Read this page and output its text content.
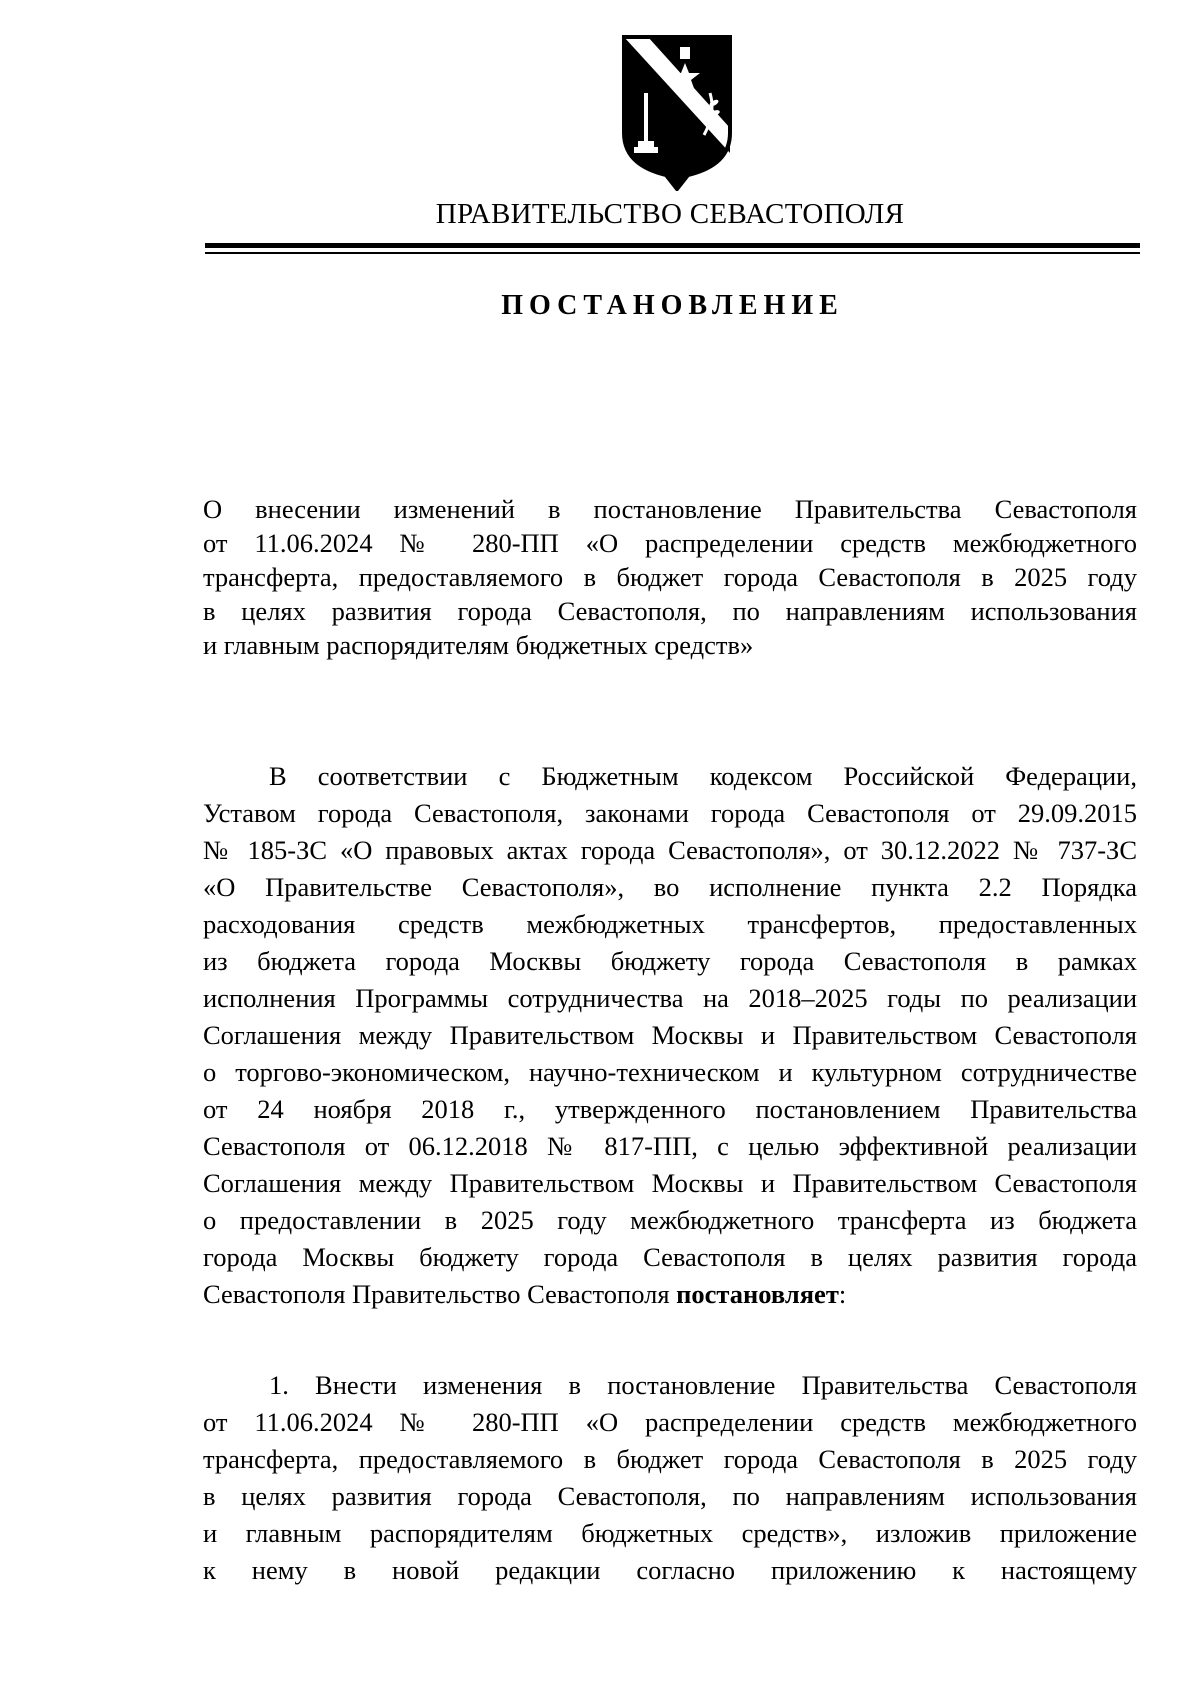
ПРАВИТЕЛЬСТВО СЕВАСТОПОЛЯ
ПОСТАНОВЛЕНИЕ
О внесении изменений в постановление Правительства Севастополя
от 11.06.2024 № 280-ПП «О распределении средств межбюджетного
трансферта, предоставляемого в бюджет города Севастополя в 2025 году
в целях развития города Севастополя, по направлениям использования
и главным распорядителям бюджетных средств»
В соответствии с Бюджетным кодексом Российской Федерации,
Уставом города Севастополя, законами города Севастополя от 29.09.2015
№ 185-ЗС «О правовых актах города Севастополя», от 30.12.2022 № 737-ЗС
«О Правительстве Севастополя», во исполнение пункта 2.2 Порядка
расходования средств межбюджетных трансфертов, предоставленных
из бюджета города Москвы бюджету города Севастополя в рамках
исполнения Программы сотрудничества на 2018–2025 годы по реализации
Соглашения между Правительством Москвы и Правительством Севастополя
о торгово-экономическом, научно-техническом и культурном сотрудничестве
от 24 ноября 2018 г., утвержденного постановлением Правительства
Севастополя от 06.12.2018 № 817-ПП, с целью эффективной реализации
Соглашения между Правительством Москвы и Правительством Севастополя
о предоставлении в 2025 году межбюджетного трансферта из бюджета
города Москвы бюджету города Севастополя в целях развития города
Севастополя Правительство Севастополя постановляет:
1. Внести изменения в постановление Правительства Севастополя
от 11.06.2024 № 280-ПП «О распределении средств межбюджетного
трансферта, предоставляемого в бюджет города Севастополя в 2025 году
в целях развития города Севастополя, по направлениям использования
и главным распорядителям бюджетных средств», изложив приложение
к нему в новой редакции согласно приложению к настоящему
